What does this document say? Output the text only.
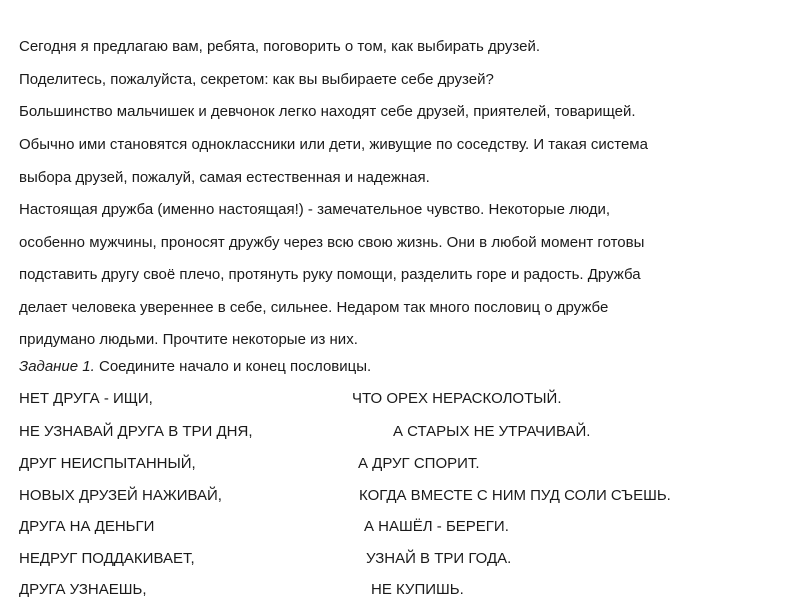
Сегодня я предлагаю вам, ребята, поговорить о том, как выбирать друзей.
Поделитесь, пожалуйста, секретом: как вы выбираете себе друзей?
Большинство мальчишек и девчонок легко находят себе друзей, приятелей, товарищей.
Обычно ими становятся одноклассники или дети, живущие по соседству. И такая система
выбора друзей, пожалуй, самая естественная и надежная.
Настоящая дружба (именно настоящая!) - замечательное чувство. Некоторые люди,
особенно мужчины, проносят дружбу через всю свою жизнь. Они в любой момент готовы
подставить другу своё плечо, протянуть руку помощи, разделить горе и радость. Дружба
делает человека увереннее в себе, сильнее. Недаром так много пословиц о дружбе
придумано людьми. Прочтите некоторые из них.
Задание 1. Соедините начало и конец пословицы.
НЕТ ДРУГА - ИЩИ,	ЧТО ОРЕХ НЕРАСКОЛОТЫЙ.
НЕ УЗНАВАЙ ДРУГА В ТРИ ДНЯ,	А СТАРЫХ НЕ УТРАЧИВАЙ.
ДРУГ НЕИСПЫТАННЫЙ,	А ДРУГ СПОРИТ.
НОВЫХ ДРУЗЕЙ НАЖИВАЙ,	КОГДА ВМЕСТЕ С НИМ ПУД СОЛИ СЪЕШЬ.
ДРУГА НА ДЕНЬГИ	А НАШЁЛ - БЕРЕГИ.
НЕДРУГ ПОДДАКИВАЕТ,	УЗНАЙ В ТРИ ГОДА.
ДРУГА УЗНАЕШЬ,	НЕ КУПИШЬ.
